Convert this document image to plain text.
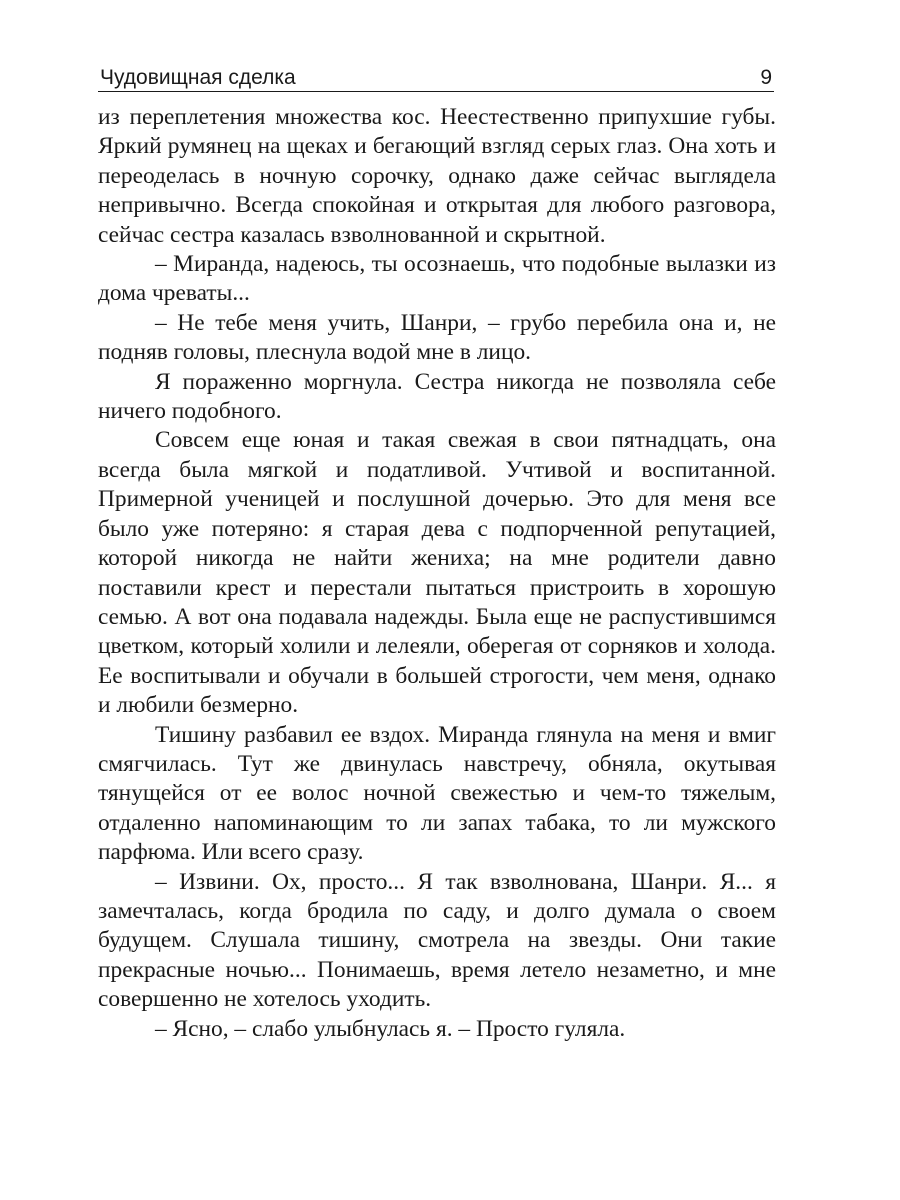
Чудовищная сделка	9

из переплетения множества кос. Неестественно припухшие губы. Яркий румянец на щеках и бегающий взгляд серых глаз. Она хоть и переоделась в ночную сорочку, однако даже сейчас выглядела непривычно. Всегда спокойная и открытая для любого разговора, сейчас сестра казалась взволнованной и скрытной.

– Миранда, надеюсь, ты осознаешь, что подобные вылазки из дома чреваты...

– Не тебе меня учить, Шанри, – грубо перебила она и, не подняв головы, плеснула водой мне в лицо.

Я пораженно моргнула. Сестра никогда не позволяла себе ничего подобного.

Совсем еще юная и такая свежая в свои пятнадцать, она всегда была мягкой и податливой. Учтивой и воспитанной. Примерной ученицей и послушной дочерью. Это для меня все было уже потеряно: я старая дева с подпорченной репутацией, которой никогда не найти жениха; на мне родители давно поставили крест и перестали пытаться пристроить в хорошую семью. А вот она подавала надежды. Была еще не распустившимся цветком, который холили и лелеяли, оберегая от сорняков и холода. Ее воспитывали и обучали в большей строгости, чем меня, однако и любили безмерно.

Тишину разбавил ее вздох. Миранда глянула на меня и вмиг смягчилась. Тут же двинулась навстречу, обняла, окутывая тянущейся от ее волос ночной свежестью и чем-то тяжелым, отдаленно напоминающим то ли запах табака, то ли мужского парфюма. Или всего сразу.

– Извини. Ох, просто... Я так взволнована, Шанри. Я... я замечталась, когда бродила по саду, и долго думала о своем будущем. Слушала тишину, смотрела на звезды. Они такие прекрасные ночью... Понимаешь, время летело незаметно, и мне совершенно не хотелось уходить.

– Ясно, – слабо улыбнулась я. – Просто гуляла.
